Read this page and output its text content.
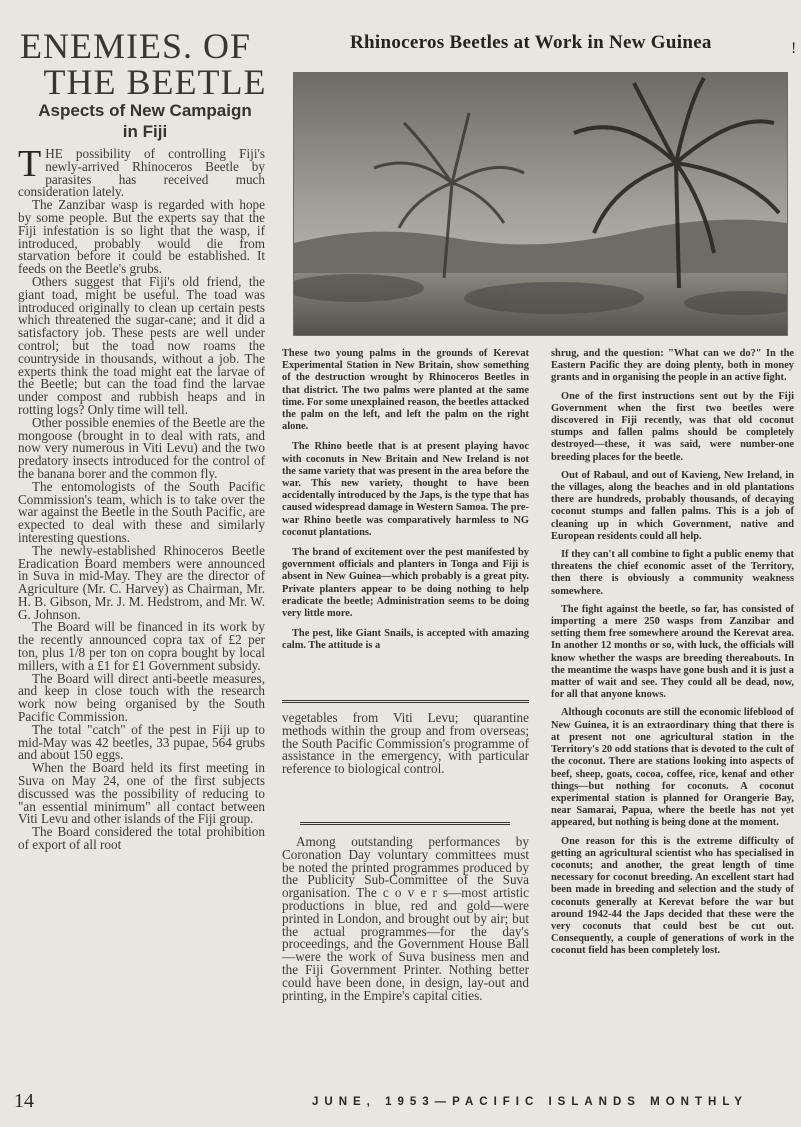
ENEMIES. OF
THE BEETLE
Rhinoceros Beetles at Work in New Guinea	!
Aspects of New Campaign
in Fiji

THE possibility of controlling Fiji's newly-arrived Rhinoceros Beetle by parasites has received much consideration lately.

The Zanzibar wasp is regarded with hope by some people. But the experts say that the Fiji infestation is so light that the wasp, if introduced, probably would die from starvation before it could be established. It feeds on the Beetle's grubs.

Others suggest that Fiji's old friend, the giant toad, might be useful. The toad was introduced originally to clean up certain pests which threatened the sugar-cane; and it did a satisfactory job. These pests are well under control; but the toad now roams the countryside in thousands, without a job. The experts think the toad might eat the larvae of the Beetle; but can the toad find the larvae under compost and rubbish heaps and in rotting logs? Only time will tell.

Other possible enemies of the Beetle are the mongoose (brought in to deal with rats, and now very numerous in Viti Levu) and the two predatory insects introduced for the control of the banana borer and the common fly.

The entomologists of the South Pacific Commission's team, which is to take over the war against the Beetle in the South Pacific, are expected to deal with these and similarly interesting questions.

The newly-established Rhinoceros Beetle Eradication Board members were announced in Suva in mid-May. They are the director of Agriculture (Mr. C. Harvey) as Chairman, Mr. H. B. Gibson, Mr. J. M. Hedstrom, and Mr. W. G. Johnson.

The Board will be financed in its work by the recently announced copra tax of £2 per ton, plus 1/8 per ton on copra bought by local millers, with a £1 for £1 Government subsidy.

The Board will direct anti-beetle measures, and keep in close touch with the research work now being organised by the South Pacific Commission.

The total "catch" of the pest in Fiji up to mid-May was 42 beetles, 33 pupae, 564 grubs and about 150 eggs.

When the Board held its first meeting in Suva on May 24, one of the first subjects discussed was the possibility of reducing to "an essential minimum" all contact between Viti Levu and other islands of the Fiji group.

The Board considered the total prohibition of export of all root

These two young palms in the grounds of Kerevat Experimental Station in New Britain, show something of the destruction wrought by Rhinoceros Beetles in that district. The two palms were planted at the same time. For some unexplained reason, the beetles attacked the palm on the left, and left the palm on the right alone.

The Rhino beetle that is at present playing havoc with coconuts in New Britain and New Ireland is not the same variety that was present in the area before the war. This new variety, thought to have been accidentally introduced by the Japs, is the type that has caused widespread damage in Western Samoa. The pre-war Rhino beetle was comparatively harmless to NG coconut plantations.

The brand of excitement over the pest manifested by government officials and planters in Tonga and Fiji is absent in New Guinea—which probably is a great pity. Private planters appear to be doing nothing to help eradicate the beetle; Administration seems to be doing very little more.

The pest, like Giant Snails, is accepted with amazing calm. The attitude is a

vegetables from Viti Levu; quarantine methods within the group and from overseas; the South Pacific Commission's programme of assistance in the emergency, with particular reference to biological control.

Among outstanding performances by Coronation Day voluntary committees must be noted the printed programmes produced by the Publicity Sub-Committee of the Suva organisation. The c o v e r s—most artistic productions in blue, red and gold—were printed in London, and brought out by air; but the actual programmes—for the day's proceedings, and the Government House Ball—were the work of Suva business men and the Fiji Government Printer. Nothing better could have been done, in design, lay-out and printing, in the Empire's capital cities.

shrug, and the question: "What can we do?" In the Eastern Pacific they are doing plenty, both in money grants and in organising the people in an active fight.

One of the first instructions sent out by the Fiji Government when the first two beetles were discovered in Fiji recently, was that old coconut stumps and fallen palms should be completely destroyed—these, it was said, were number-one breeding places for the beetle.

Out of Rabaul, and out of Kavieng, New Ireland, in the villages, along the beaches and in old plantations there are hundreds, probably thousands, of decaying coconut stumps and fallen palms. This is a job of cleaning up in which Government, native and European residents could all help.

If they can't all combine to fight a public enemy that threatens the chief economic asset of the Territory, then there is obviously a community weakness somewhere.

The fight against the beetle, so far, has consisted of importing a mere 250 wasps from Zanzibar and setting them free somewhere around the Kerevat area. In another 12 months or so, with luck, the officials will know whether the wasps are breeding thereabouts. In the meantime the wasps have gone bush and it is just a matter of wait and see. They could all be dead, now, for all that anyone knows.

Although coconuts are still the economic lifeblood of New Guinea, it is an extraordinary thing that there is at present not one agricultural station in the Territory's 20 odd stations that is devoted to the cult of the coconut. There are stations looking into aspects of beef, sheep, goats, cocoa, coffee, rice, kenaf and other things—but nothing for coconuts. A coconut experimental station is planned for Orangerie Bay, near Samarai, Papua, where the beetle has not yet appeared, but nothing is being done at the moment.

One reason for this is the extreme difficulty of getting an agricultural scientist who has specialised in coconuts; and another, the great length of time necessary for coconut breeding. An excellent start had been made in breeding and selection and the study of coconuts generally at Kerevat before the war but around 1942-44 the Japs decided that these were the very coconuts that could best be cut out. Consequently, a couple of generations of work in the coconut field has been completely lost.

14	JUNE, 1953—PACIFIC ISLANDS MONTHLY
